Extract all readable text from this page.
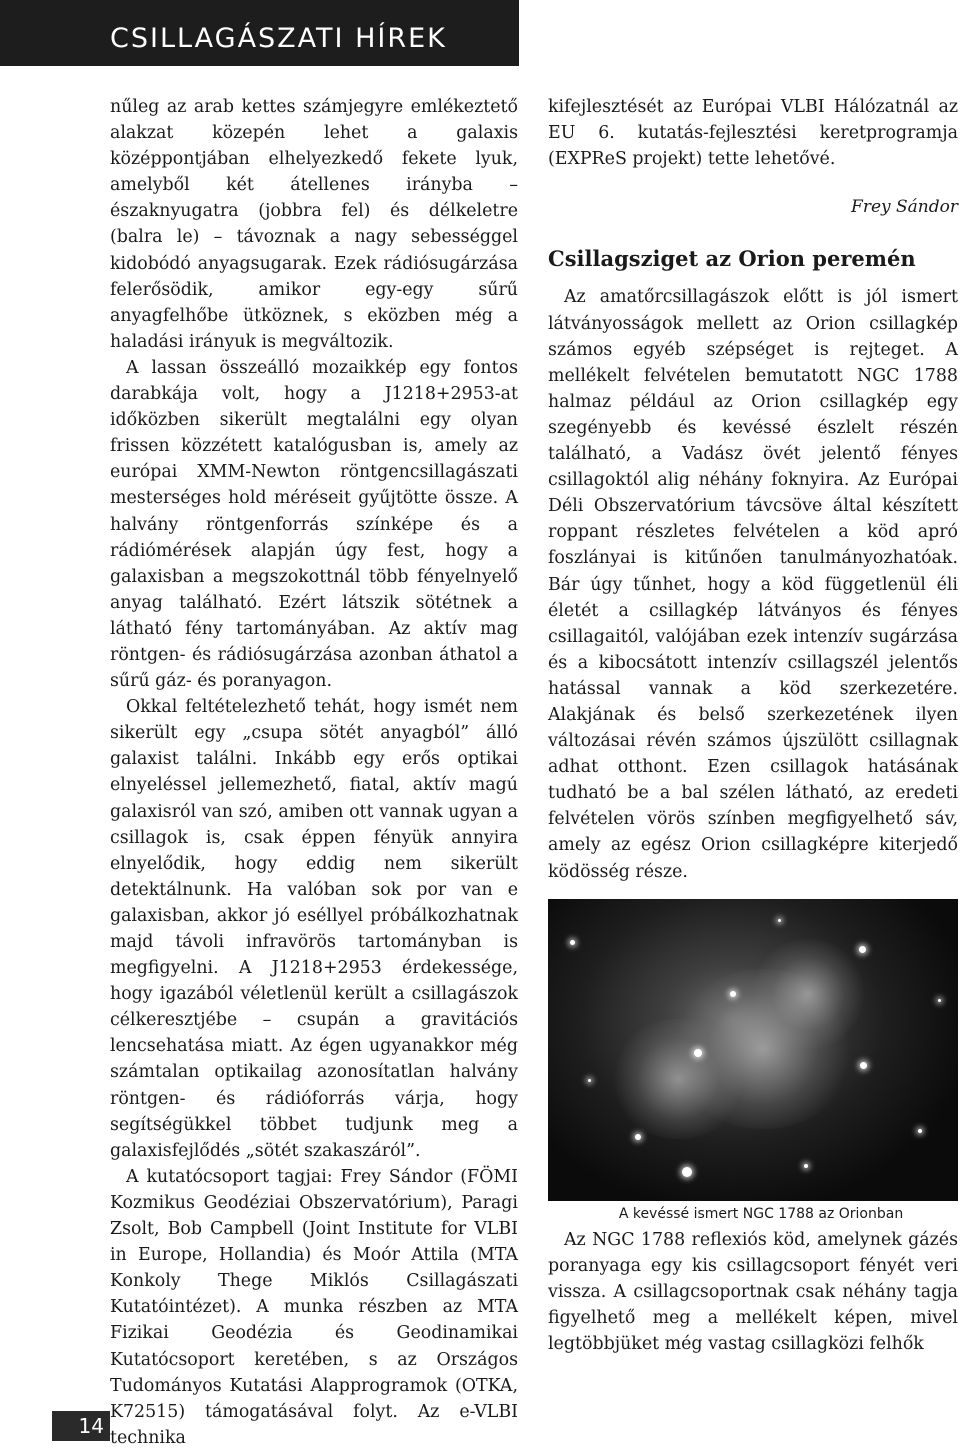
CSILLAGÁSZATI HÍREK

nűleg az arab kettes számjegyre emlékeztető alakzat közepén lehet a galaxis középpontjában elhelyezkedő fekete lyuk, amelyből két átellenes irányba – északnyugatra (jobbra fel) és délkeletre (balra le) – távoznak a nagy sebességgel kidobódó anyagsugarak. Ezek rádiósugárzása felerősödik, amikor egy-egy sűrű anyagfelhőbe ütköznek, s eközben még a haladási irányuk is megváltozik.

A lassan összeálló mozaikkép egy fontos darabkája volt, hogy a J1218+2953-at időközben sikerült megtalálni egy olyan frissen közzétett katalógusban is, amely az európai XMM-Newton röntgencsillagászati mesterséges hold méréseit gyűjtötte össze. A halvány röntgenforrás színképe és a rádiómérések alapján úgy fest, hogy a galaxisban a megszokottnál több fényelnyelő anyag található. Ezért látszik sötétnek a látható fény tartományában. Az aktív mag röntgen- és rádiósugárzása azonban áthatol a sűrű gáz- és poranyagon.

Okkal feltételezhető tehát, hogy ismét nem sikerült egy „csupa sötét anyagból” álló galaxist találni. Inkább egy erős optikai elnyeléssel jellemezhető, fiatal, aktív magú galaxisról van szó, amiben ott vannak ugyan a csillagok is, csak éppen fényük annyira elnyelődik, hogy eddig nem sikerült detektálnunk. Ha valóban sok por van e galaxisban, akkor jó eséllyel próbálkozhatnak majd távoli infravörös tartományban is megfigyelni. A J1218+2953 érdekessége, hogy igazából véletlenül került a csillagászok célkeresztjébe – csupán a gravitációs lencsehatása miatt. Az égen ugyanakkor még számtalan optikailag azonosítatlan halvány röntgen- és rádióforrás várja, hogy segítségükkel többet tudjunk meg a galaxisfejlődés „sötét szakaszáról”.

A kutatócsoport tagjai: Frey Sándor (FÖMI Kozmikus Geodéziai Obszervatórium), Paragi Zsolt, Bob Campbell (Joint Institute for VLBI in Europe, Hollandia) és Moór Attila (MTA Konkoly Thege Miklós Csillagászati Kutatóintézet). A munka részben az MTA Fizikai Geodézia és Geodinamikai Kutatócsoport keretében, s az Országos Tudományos Kutatási Alapprogramok (OTKA, K72515) támogatásával folyt. Az e-VLBI technika

kifejlesztését az Európai VLBI Hálózatnál az EU 6. kutatás-fejlesztési keretprogramja (EXPReS projekt) tette lehetővé.

Frey Sándor
Csillagsziget az Orion peremén

Az amatőrcsillagászok előtt is jól ismert látványosságok mellett az Orion csillagkép számos egyéb szépséget is rejteget. A mellékelt felvételen bemutatott NGC 1788 halmaz például az Orion csillagkép egy szegényebb és kevéssé észlelt részén található, a Vadász övét jelentő fényes csillagoktól alig néhány foknyira. Az Európai Déli Obszervatórium távcsöve által készített roppant részletes felvételen a köd apró foszlányai is kitűnően tanulmányozhatóak. Bár úgy tűnhet, hogy a köd függetlenül éli életét a csillagkép látványos és fényes csillagaitól, valójában ezek intenzív sugárzása és a kibocsátott intenzív csillagszél jelentős hatással vannak a köd szerkezetére. Alakjának és belső szerkezetének ilyen változásai révén számos újszülött csillagnak adhat otthont. Ezen csillagok hatásának tudható be a bal szélen látható, az eredeti felvételen vörös színben megfigyelhető sáv, amely az egész Orion csillagképre kiterjedő ködösség része.

A kevéssé ismert NGC 1788 az Orionban

Az NGC 1788 reflexiós köd, amelynek gázés poranyaga egy kis csillagcsoport fényét veri vissza. A csillagcsoportnak csak néhány tagja figyelhető meg a mellékelt képen, mivel legtöbbjüket még vastag csillagközi felhők

14
